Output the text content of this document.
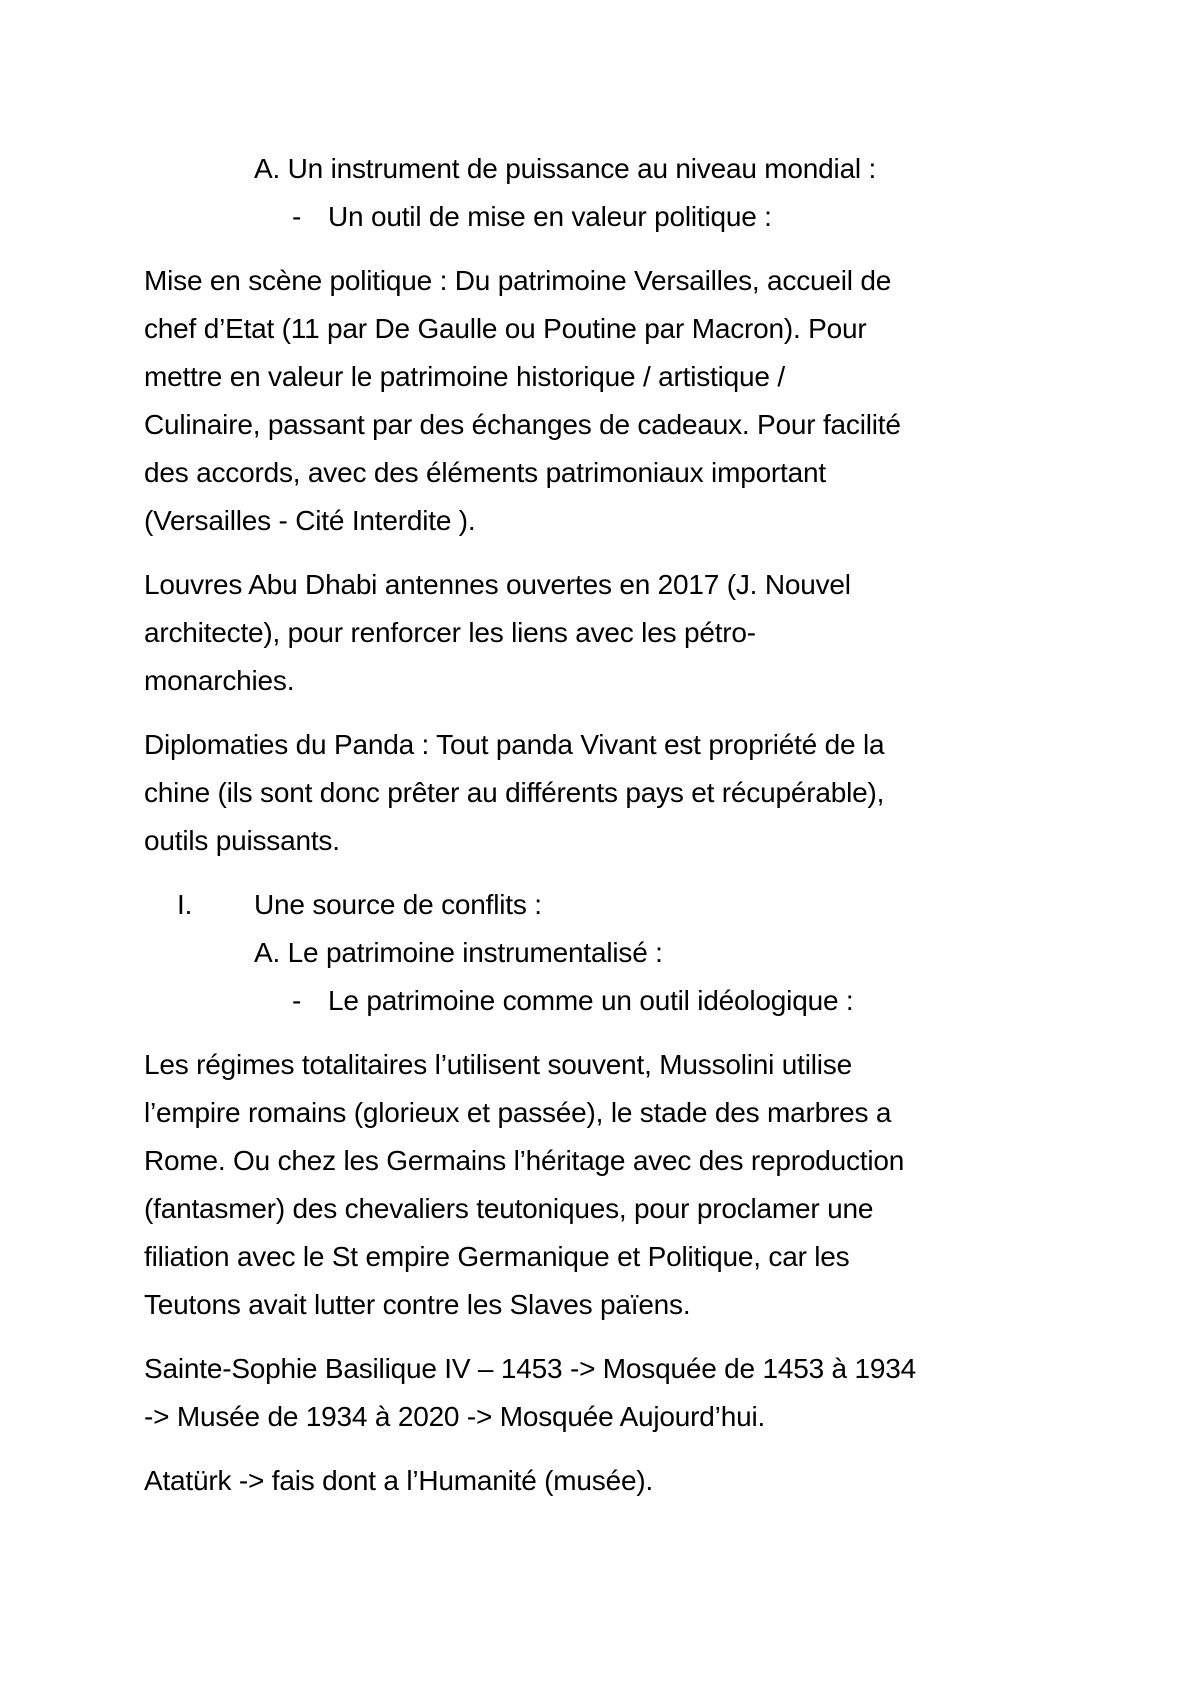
A. Un instrument de puissance au niveau mondial :
- Un outil de mise en valeur politique :
Mise en scène politique : Du patrimoine Versailles, accueil de
chef d’Etat (11 par De Gaulle ou Poutine par Macron). Pour
mettre en valeur le patrimoine historique / artistique /
Culinaire, passant par des échanges de cadeaux. Pour facilité
des accords, avec des éléments patrimoniaux important
(Versailles - Cité Interdite ).
Louvres Abu Dhabi antennes ouvertes en 2017 (J. Nouvel
architecte), pour renforcer les liens avec les pétro-
monarchies.
Diplomaties du Panda : Tout panda Vivant est propriété de la
chine (ils sont donc prêter au différents pays et récupérable),
outils puissants.
I. Une source de conflits :
A. Le patrimoine instrumentalisé :
- Le patrimoine comme un outil idéologique :
Les régimes totalitaires l’utilisent souvent, Mussolini utilise
l’empire romains (glorieux et passée), le stade des marbres a
Rome. Ou chez les Germains l’héritage avec des reproduction
(fantasmer) des chevaliers teutoniques, pour proclamer une
filiation avec le St empire Germanique et Politique, car les
Teutons avait lutter contre les Slaves païens.
Sainte-Sophie Basilique IV – 1453 -> Mosquée de 1453 à 1934
-> Musée de 1934 à 2020 -> Mosquée Aujourd’hui.
Atatürk -> fais dont a l’Humanité (musée).
